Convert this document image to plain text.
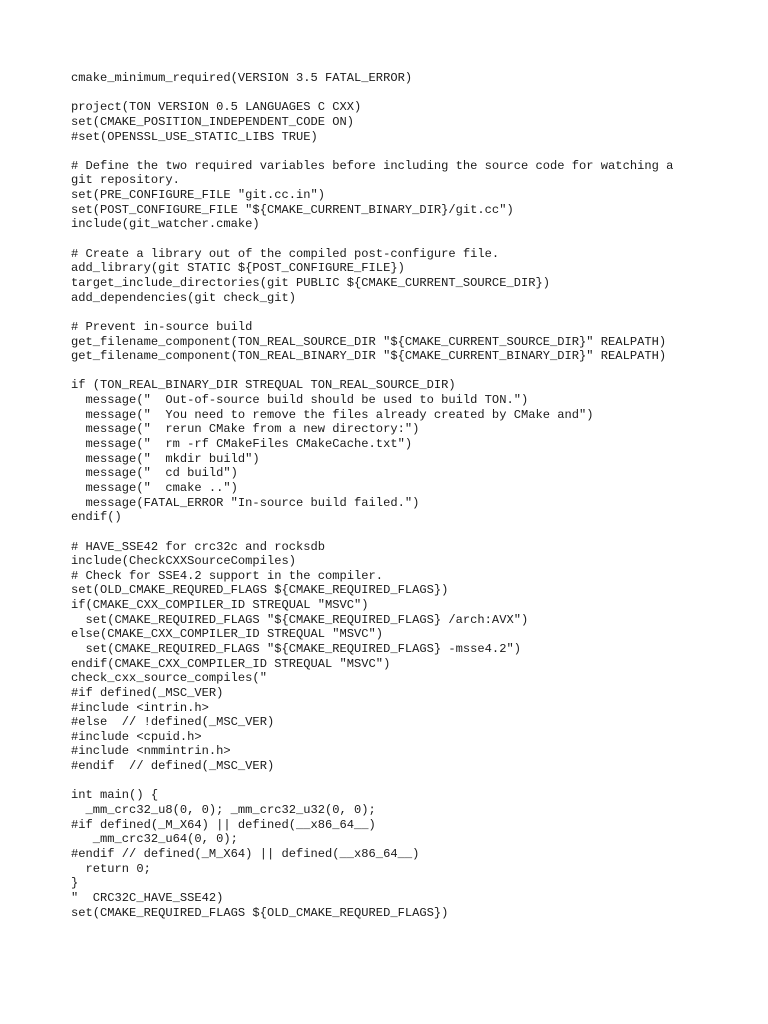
cmake_minimum_required(VERSION 3.5 FATAL_ERROR)
project(TON VERSION 0.5 LANGUAGES C CXX)
set(CMAKE_POSITION_INDEPENDENT_CODE ON)
#set(OPENSSL_USE_STATIC_LIBS TRUE)
# Define the two required variables before including the source code for watching a
git repository.
set(PRE_CONFIGURE_FILE "git.cc.in")
set(POST_CONFIGURE_FILE "${CMAKE_CURRENT_BINARY_DIR}/git.cc")
include(git_watcher.cmake)
# Create a library out of the compiled post-configure file.
add_library(git STATIC ${POST_CONFIGURE_FILE})
target_include_directories(git PUBLIC ${CMAKE_CURRENT_SOURCE_DIR})
add_dependencies(git check_git)
# Prevent in-source build
get_filename_component(TON_REAL_SOURCE_DIR "${CMAKE_CURRENT_SOURCE_DIR}" REALPATH)
get_filename_component(TON_REAL_BINARY_DIR "${CMAKE_CURRENT_BINARY_DIR}" REALPATH)
if (TON_REAL_BINARY_DIR STREQUAL TON_REAL_SOURCE_DIR)
message("  Out-of-source build should be used to build TON.")
message("  You need to remove the files already created by CMake and")
message("  rerun CMake from a new directory:")
message("  rm -rf CMakeFiles CMakeCache.txt")
message("  mkdir build")
message("  cd build")
message("  cmake ..")
message(FATAL_ERROR "In-source build failed.")
endif()
# HAVE_SSE42 for crc32c and rocksdb
include(CheckCXXSourceCompiles)
# Check for SSE4.2 support in the compiler.
set(OLD_CMAKE_REQURED_FLAGS ${CMAKE_REQUIRED_FLAGS})
if(CMAKE_CXX_COMPILER_ID STREQUAL "MSVC")
set(CMAKE_REQUIRED_FLAGS "${CMAKE_REQUIRED_FLAGS} /arch:AVX")
else(CMAKE_CXX_COMPILER_ID STREQUAL "MSVC")
set(CMAKE_REQUIRED_FLAGS "${CMAKE_REQUIRED_FLAGS} -msse4.2")
endif(CMAKE_CXX_COMPILER_ID STREQUAL "MSVC")
check_cxx_source_compiles("
#if defined(_MSC_VER)
#include <intrin.h>
#else  // !defined(_MSC_VER)
#include <cpuid.h>
#include <nmmintrin.h>
#endif  // defined(_MSC_VER)
int main() {
_mm_crc32_u8(0, 0); _mm_crc32_u32(0, 0);
#if defined(_M_X64) || defined(__x86_64__)
_mm_crc32_u64(0, 0);
#endif // defined(_M_X64) || defined(__x86_64__)
return 0;
}
"  CRC32C_HAVE_SSE42)
set(CMAKE_REQUIRED_FLAGS ${OLD_CMAKE_REQURED_FLAGS})
